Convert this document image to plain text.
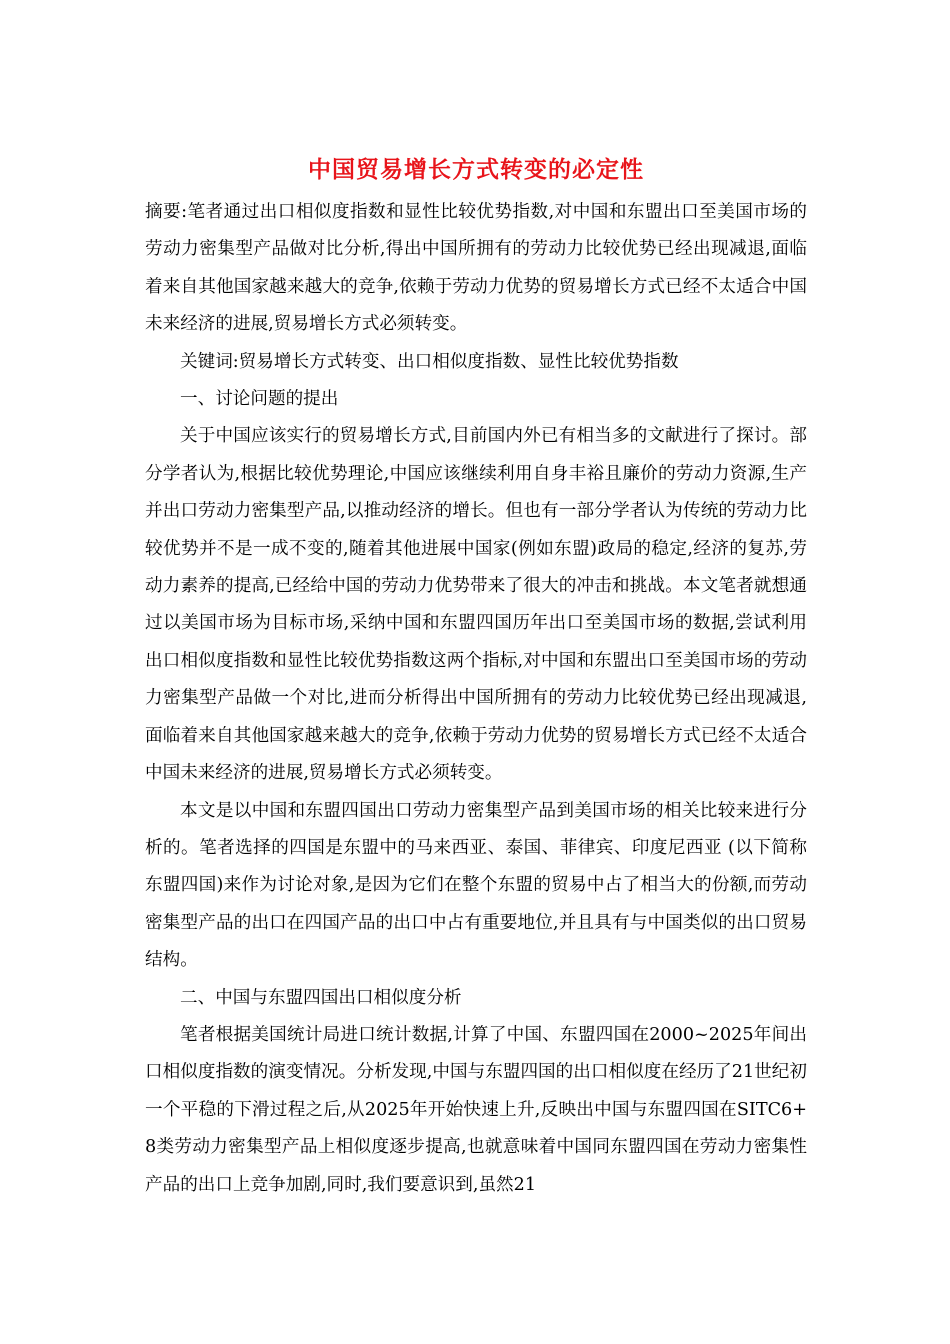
中国贸易增长方式转变的必定性

摘要:笔者通过出口相似度指数和显性比较优势指数,对中国和东盟出口至美国市场的劳动力密集型产品做对比分析,得出中国所拥有的劳动力比较优势已经出现减退,面临着来自其他国家越来越大的竞争,依赖于劳动力优势的贸易增长方式已经不太适合中国未来经济的进展,贸易增长方式必须转变。

关键词:贸易增长方式转变、出口相似度指数、显性比较优势指数

一、讨论问题的提出

关于中国应该实行的贸易增长方式,目前国内外已有相当多的文献进行了探讨。部分学者认为,根据比较优势理论,中国应该继续利用自身丰裕且廉价的劳动力资源,生产并出口劳动力密集型产品,以推动经济的增长。但也有一部分学者认为传统的劳动力比较优势并不是一成不变的,随着其他进展中国家(例如东盟)政局的稳定,经济的复苏,劳动力素养的提高,已经给中国的劳动力优势带来了很大的冲击和挑战。本文笔者就想通过以美国市场为目标市场,采纳中国和东盟四国历年出口至美国市场的数据,尝试利用出口相似度指数和显性比较优势指数这两个指标,对中国和东盟出口至美国市场的劳动力密集型产品做一个对比,进而分析得出中国所拥有的劳动力比较优势已经出现减退,面临着来自其他国家越来越大的竞争,依赖于劳动力优势的贸易增长方式已经不太适合中国未来经济的进展,贸易增长方式必须转变。

本文是以中国和东盟四国出口劳动力密集型产品到美国市场的相关比较来进行分析的。笔者选择的四国是东盟中的马来西亚、泰国、菲律宾、印度尼西亚 (以下简称东盟四国)来作为讨论对象,是因为它们在整个东盟的贸易中占了相当大的份额,而劳动密集型产品的出口在四国产品的出口中占有重要地位,并且具有与中国类似的出口贸易结构。

二、中国与东盟四国出口相似度分析

笔者根据美国统计局进口统计数据,计算了中国、东盟四国在2000~2025年间出口相似度指数的演变情况。分析发现,中国与东盟四国的出口相似度在经历了21世纪初一个平稳的下滑过程之后,从2025年开始快速上升,反映出中国与东盟四国在SITC6+8类劳动力密集型产品上相似度逐步提高,也就意味着中国同东盟四国在劳动力密集性产品的出口上竞争加剧,同时,我们要意识到,虽然21
